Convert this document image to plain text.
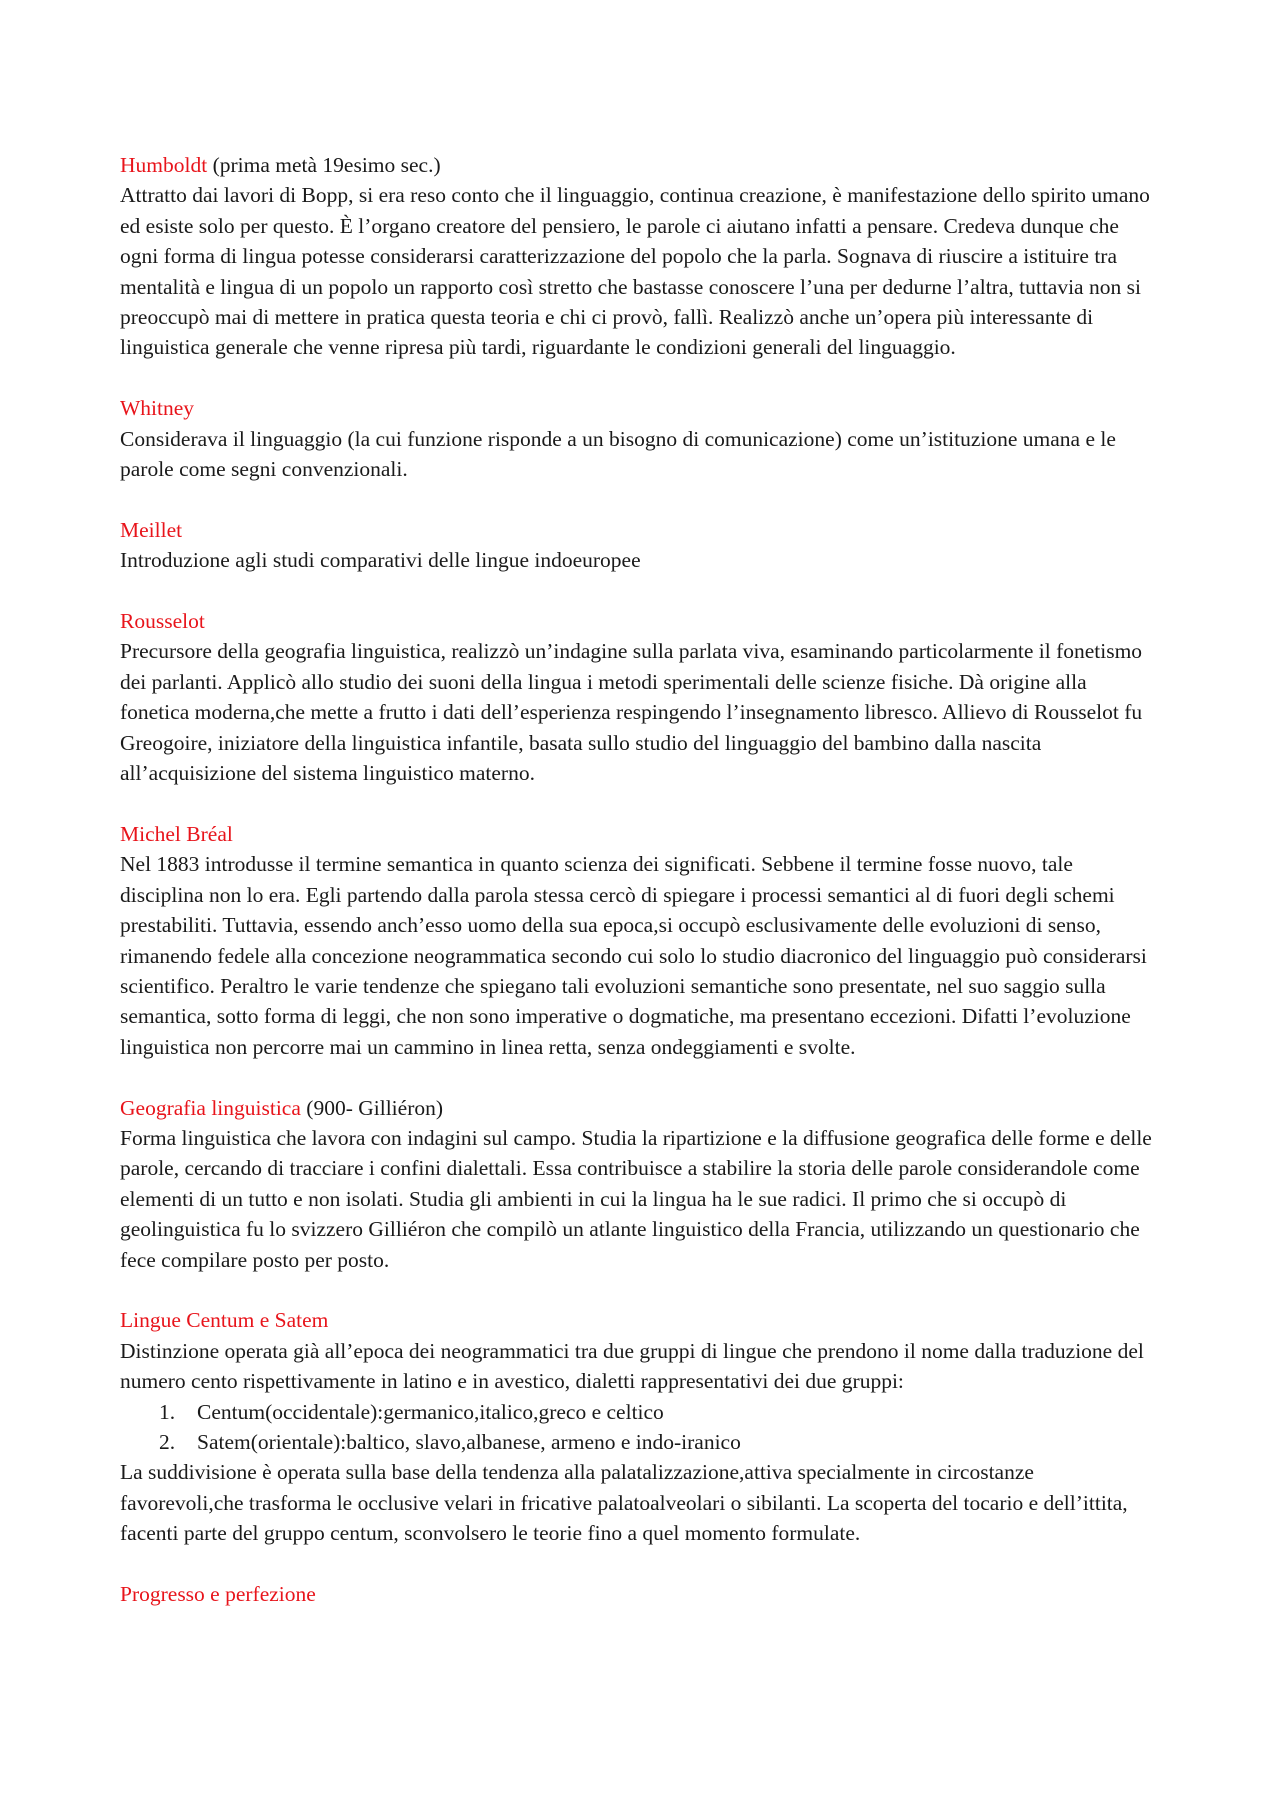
Humboldt (prima metà 19esimo sec.)

Attratto dai lavori di Bopp, si era reso conto che il linguaggio, continua creazione, è manifestazione dello spirito umano ed esiste solo per questo. È l’organo creatore del pensiero, le parole ci aiutano infatti a pensare. Credeva dunque che ogni forma di lingua potesse considerarsi caratterizzazione del popolo che la parla. Sognava di riuscire a istituire tra mentalità e lingua di un popolo un rapporto così stretto che bastasse conoscere l’una per dedurne l’altra, tuttavia non si preoccupò mai di mettere in pratica questa teoria e chi ci provò, fallì. Realizzò anche un’opera più interessante di linguistica generale che venne ripresa più tardi, riguardante le condizioni generali del linguaggio.

Whitney

Considerava il linguaggio (la cui funzione risponde a un bisogno di comunicazione) come un’istituzione umana e le parole come segni convenzionali.

Meillet

Introduzione agli studi comparativi delle lingue indoeuropee

Rousselot

Precursore della geografia linguistica, realizzò un’indagine sulla parlata viva, esaminando particolarmente il fonetismo dei parlanti. Applicò allo studio dei suoni della lingua i metodi sperimentali delle scienze fisiche. Dà origine alla fonetica moderna,che mette a frutto i dati dell’esperienza respingendo l’insegnamento libresco. Allievo di Rousselot fu Greogoire, iniziatore della linguistica infantile, basata sullo studio del linguaggio del bambino dalla nascita all’acquisizione del sistema linguistico materno.

Michel Bréal

Nel 1883 introdusse il termine semantica in quanto scienza dei significati. Sebbene il termine fosse nuovo, tale disciplina non lo era. Egli partendo dalla parola stessa cercò di spiegare i processi semantici al di fuori degli schemi prestabiliti. Tuttavia, essendo anch’esso uomo della sua epoca,si occupò esclusivamente delle evoluzioni di senso, rimanendo fedele alla concezione neogrammatica secondo cui solo lo studio diacronico del linguaggio può considerarsi scientifico. Peraltro le varie tendenze che spiegano tali evoluzioni semantiche sono presentate, nel suo saggio sulla semantica, sotto forma di leggi, che non sono imperative o dogmatiche, ma presentano eccezioni. Difatti l’evoluzione linguistica non percorre mai un cammino in linea retta, senza ondeggiamenti e svolte.

Geografia linguistica (900- Gilliéron)

Forma linguistica che lavora con indagini sul campo. Studia la ripartizione e la diffusione geografica delle forme e delle parole, cercando di tracciare i confini dialettali. Essa contribuisce a stabilire la storia delle parole considerandole come elementi di un tutto e non isolati. Studia gli ambienti in cui la lingua ha le sue radici. Il primo che si occupò di geolinguistica fu lo svizzero Gilliéron che compilò un atlante linguistico della Francia, utilizzando un questionario che fece compilare posto per posto.

Lingue Centum e Satem

Distinzione operata già all’epoca dei neogrammatici tra due gruppi di lingue che prendono il nome dalla traduzione del numero cento rispettivamente in latino e in avestico, dialetti rappresentativi dei due gruppi:

1.	Centum(occidentale):germanico,italico,greco e celtico
2.	Satem(orientale):baltico, slavo,albanese, armeno e indo-iranico

La suddivisione è operata sulla base della tendenza alla palatalizzazione,attiva specialmente in circostanze favorevoli,che trasforma le occlusive velari in fricative palatoalveolari o sibilanti. La scoperta del tocario e dell’ittita, facenti parte del gruppo centum, sconvolsero le teorie fino a quel momento formulate.

Progresso e perfezione
